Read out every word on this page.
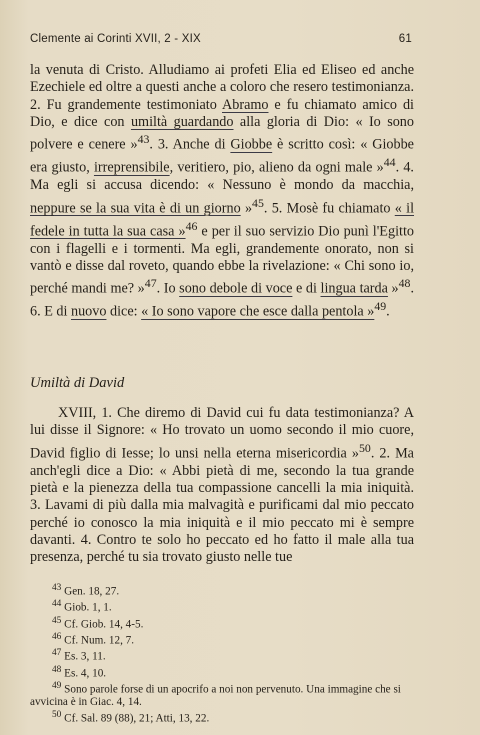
Clemente ai Corinti XVII, 2 - XIX	61

la venuta di Cristo. Alludiamo ai profeti Elia ed Eliseo ed anche Ezechiele ed oltre a questi anche a coloro che resero testimonianza. 2. Fu grandemente testimoniato Abramo e fu chiamato amico di Dio, e dice con umiltà guardando alla gloria di Dio: « Io sono polvere e cenere »$^{43}$. 3. Anche di Giobbe è scritto così: « Giobbe era giusto, irreprensibile, veritiero, pio, alieno da ogni male »$^{44}$. 4. Ma egli si accusa dicendo: « Nessuno è mondo da macchia, neppure se la sua vita è di un giorno »$^{45}$. 5. Mosè fu chiamato « il fedele in tutta la sua casa »$^{46}$ e per il suo servizio Dio punì l'Egitto con i flagelli e i tormenti. Ma egli, grandemente onorato, non si vantò e disse dal roveto, quando ebbe la rivelazione: « Chi sono io, perché mandi me? »$^{47}$. Io sono debole di voce e di lingua tarda »$^{48}$. 6. E di nuovo dice: « Io sono vapore che esce dalla pentola »$^{49}$.

Umiltà di David

XVIII, 1. Che diremo di David cui fu data testimonianza? A lui disse il Signore: « Ho trovato un uomo secondo il mio cuore, David figlio di Iesse; lo unsi nella eterna misericordia »$^{50}$. 2. Ma anch'egli dice a Dio: « Abbi pietà di me, secondo la tua grande pietà e la pienezza della tua compassione cancelli la mia iniquità. 3. Lavami di più dalla mia malvagità e purificami dal mio peccato perché io conosco la mia iniquità e il mio peccato mi è sempre davanti. 4. Contro te solo ho peccato ed ho fatto il male alla tua presenza, perché tu sia trovato giusto nelle tue

$^{43}$ Gen. 18, 27.
$^{44}$ Giob. 1, 1.
$^{45}$ Cf. Giob. 14, 4-5.
$^{46}$ Cf. Num. 12, 7.
$^{47}$ Es. 3, 11.
$^{48}$ Es. 4, 10.
$^{49}$ Sono parole forse di un apocrifo a noi non pervenuto. Una immagine che si avvicina è in Giac. 4, 14.
$^{50}$ Cf. Sal. 89 (88), 21; Atti, 13, 22.
